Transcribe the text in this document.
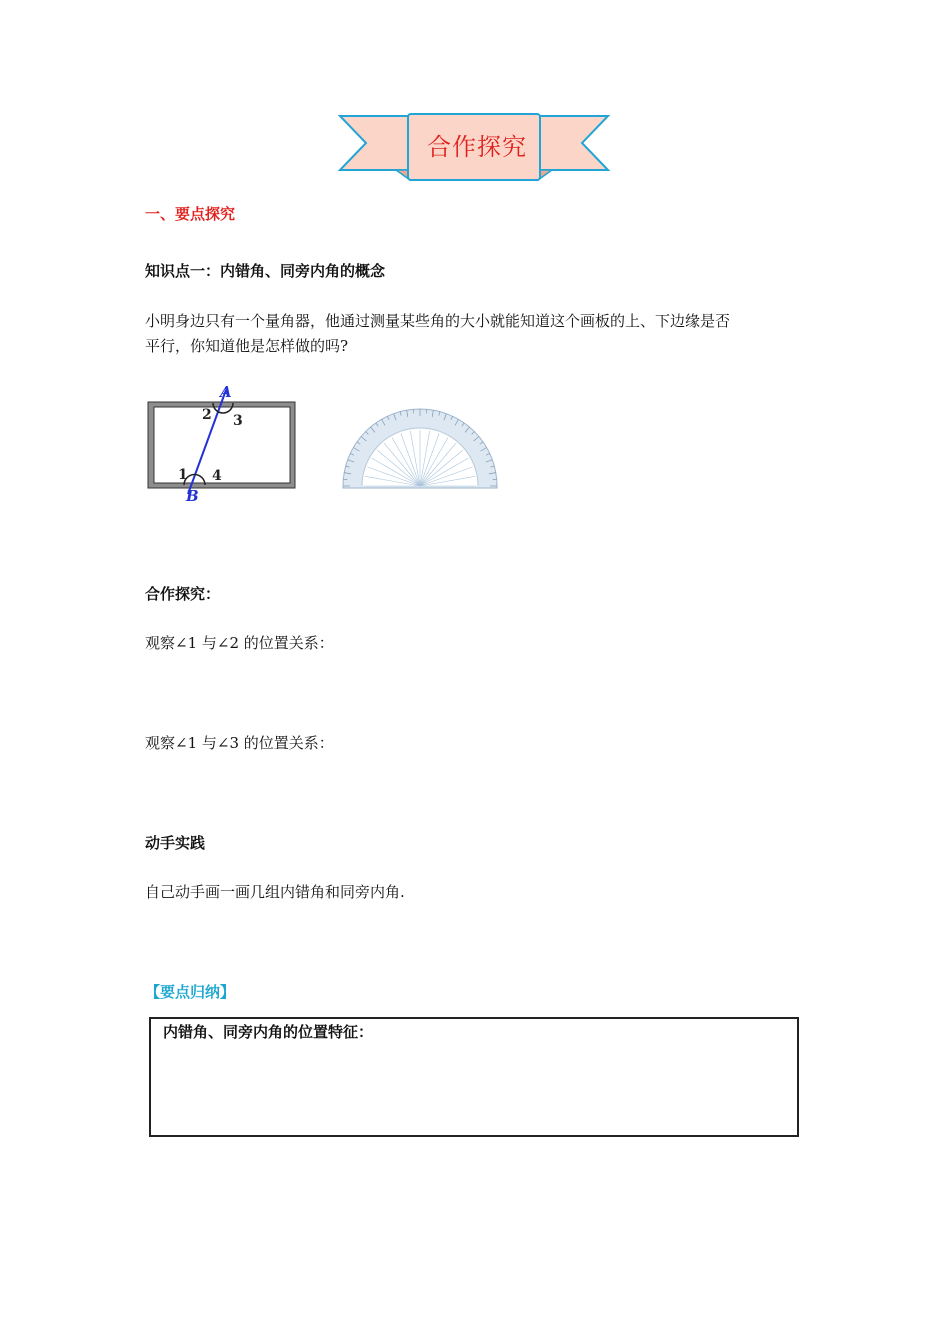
合作探究
一、要点探究
知识点一：内错角、同旁内角的概念
小明身边只有一个量角器，他通过测量某些角的大小就能知道这个画板的上、下边缘是否
平行，你知道他是怎样做的吗?
A
B
2 3
1 4
合作探究：
观察∠1 与∠2 的位置关系：
观察∠1 与∠3 的位置关系：
动手实践
自己动手画一画几组内错角和同旁内角.
【要点归纳】
内错角、同旁内角的位置特征：
